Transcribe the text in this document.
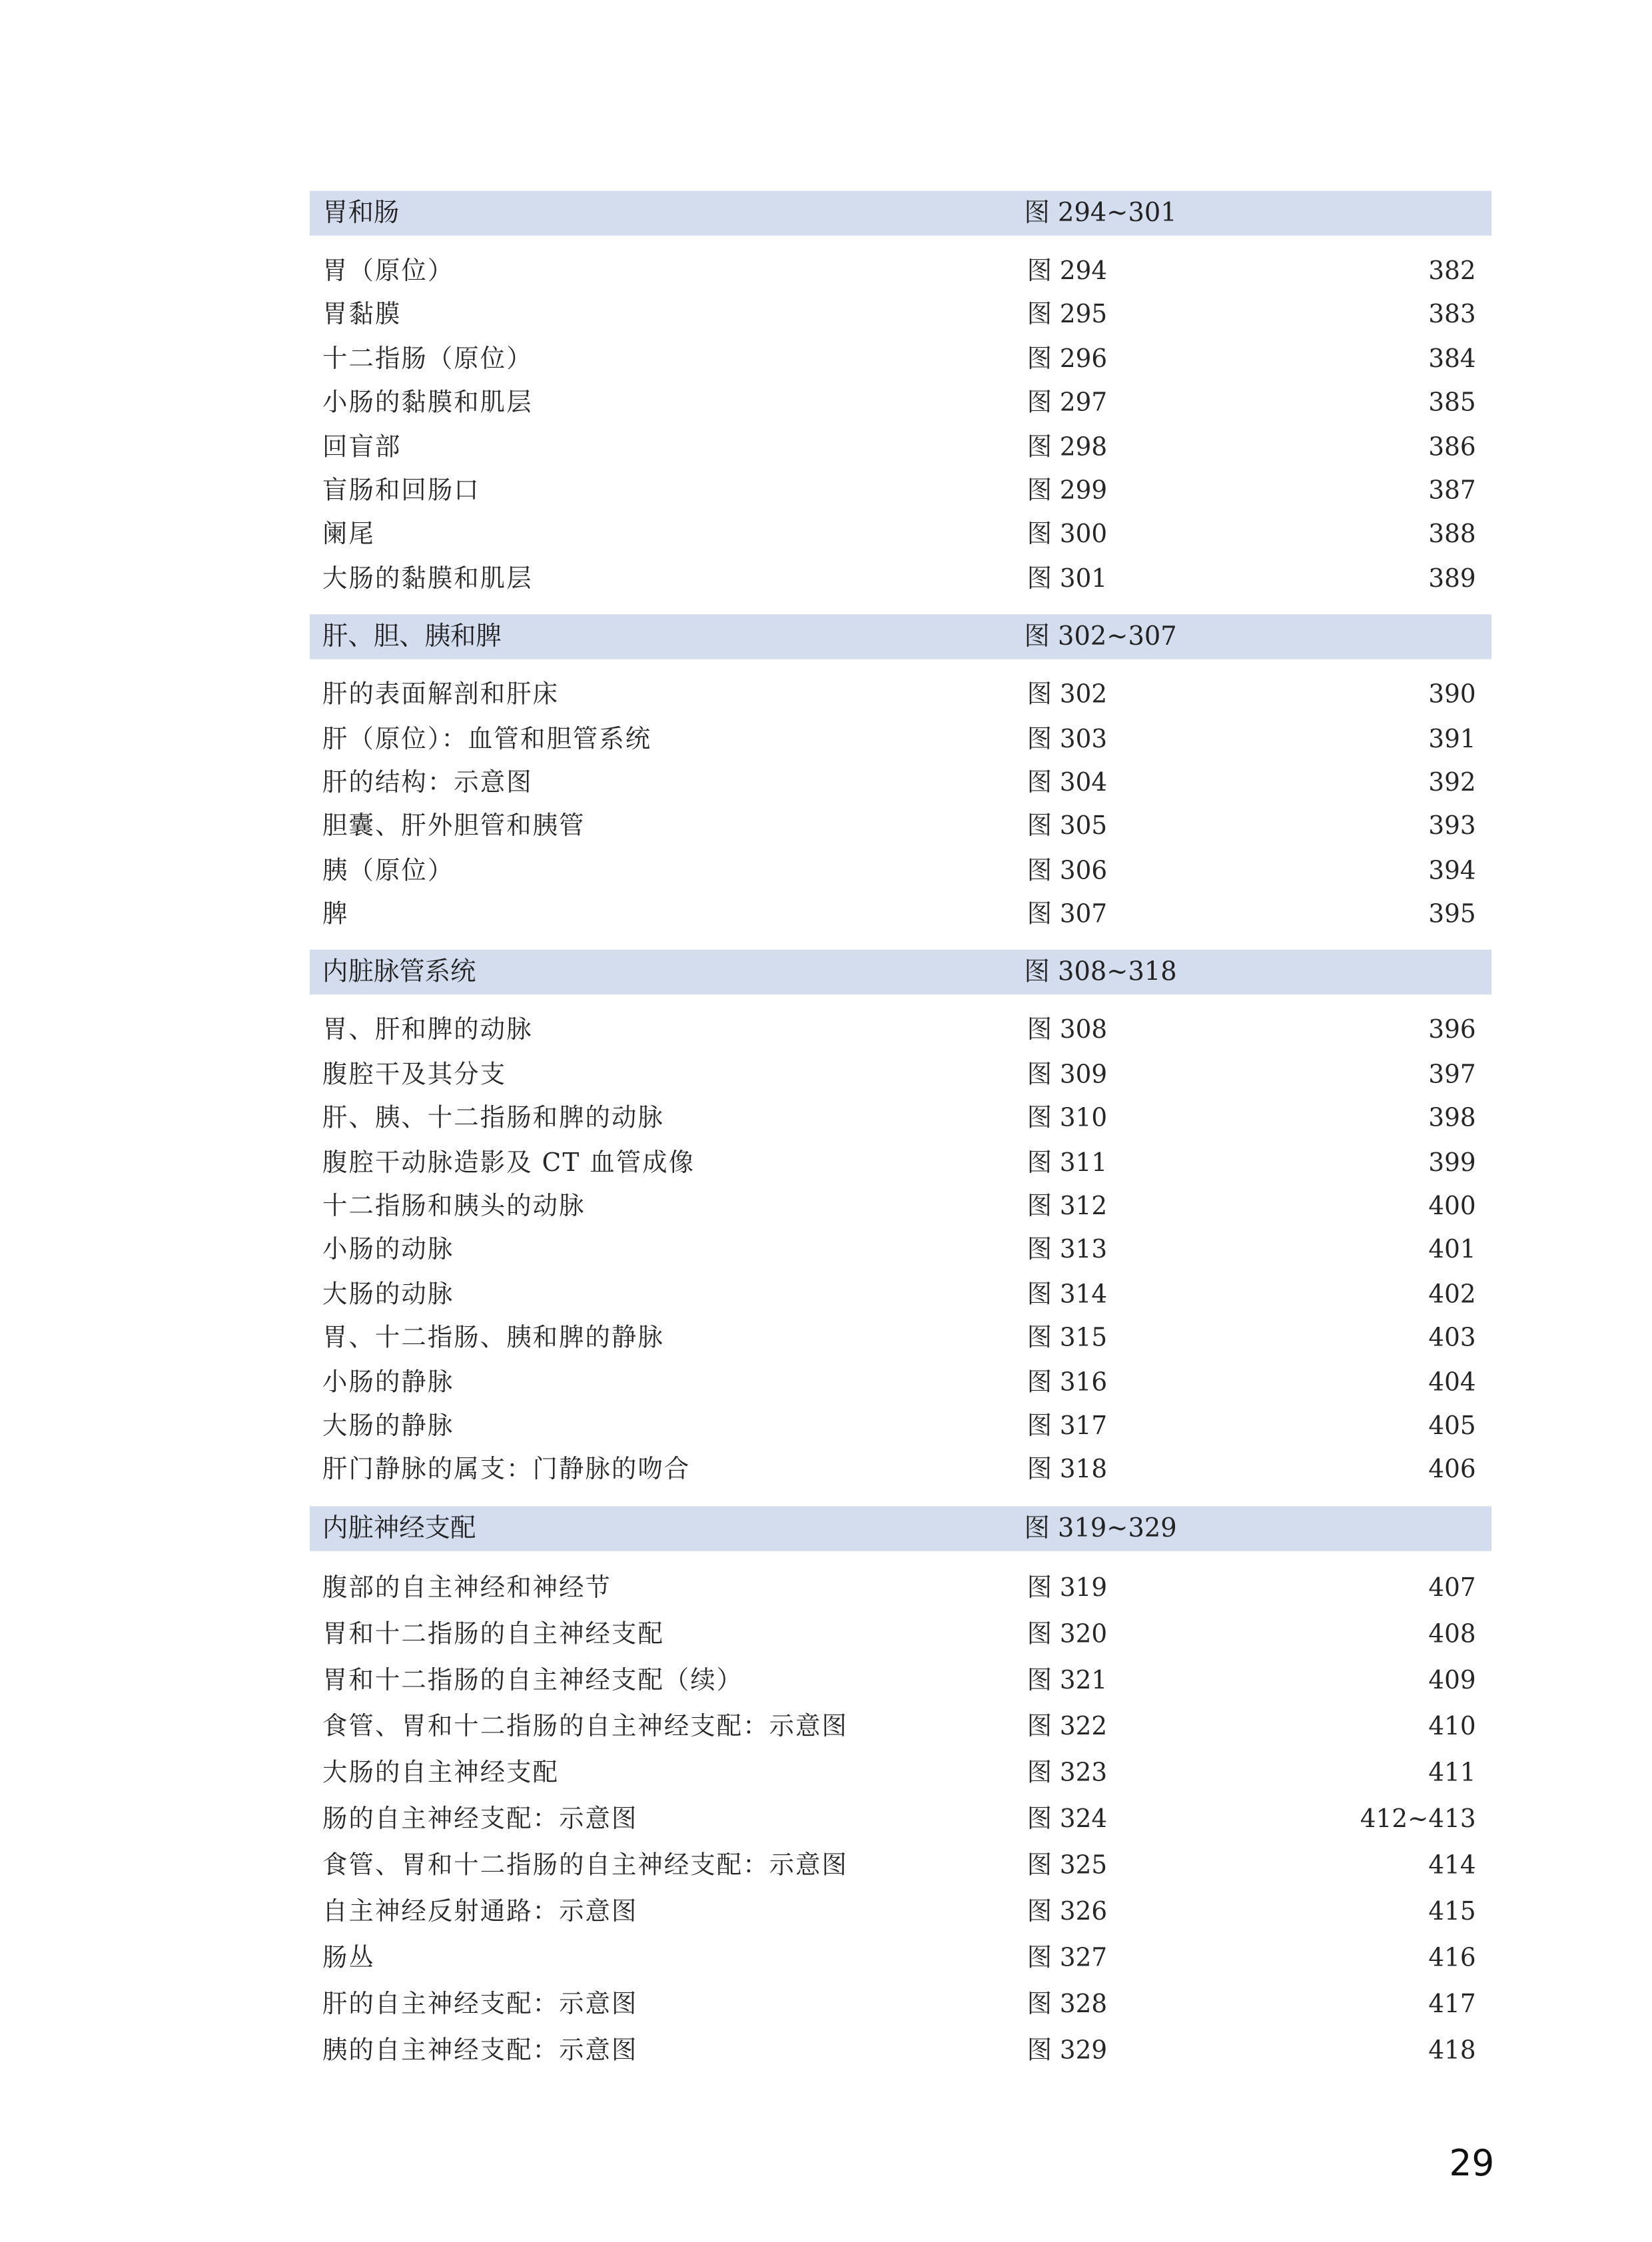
胃和肠	图 294~301
胃（原位）	图 294	382
胃黏膜	图 295	383
十二指肠（原位）	图 296	384
小肠的黏膜和肌层	图 297	385
回盲部	图 298	386
盲肠和回肠口	图 299	387
阑尾	图 300	388
大肠的黏膜和肌层	图 301	389
肝、胆、胰和脾	图 302~307
肝的表面解剖和肝床	图 302	390
肝（原位）：血管和胆管系统	图 303	391
肝的结构：示意图	图 304	392
胆囊、肝外胆管和胰管	图 305	393
胰（原位）	图 306	394
脾	图 307	395
内脏脉管系统	图 308~318
胃、肝和脾的动脉	图 308	396
腹腔干及其分支	图 309	397
肝、胰、十二指肠和脾的动脉	图 310	398
腹腔干动脉造影及 CT 血管成像	图 311	399
十二指肠和胰头的动脉	图 312	400
小肠的动脉	图 313	401
大肠的动脉	图 314	402
胃、十二指肠、胰和脾的静脉	图 315	403
小肠的静脉	图 316	404
大肠的静脉	图 317	405
肝门静脉的属支：门静脉的吻合	图 318	406
内脏神经支配	图 319~329
腹部的自主神经和神经节	图 319	407
胃和十二指肠的自主神经支配	图 320	408
胃和十二指肠的自主神经支配（续）	图 321	409
食管、胃和十二指肠的自主神经支配：示意图	图 322	410
大肠的自主神经支配	图 323	411
肠的自主神经支配：示意图	图 324	412~413
食管、胃和十二指肠的自主神经支配：示意图	图 325	414
自主神经反射通路：示意图	图 326	415
肠丛	图 327	416
肝的自主神经支配：示意图	图 328	417
胰的自主神经支配：示意图	图 329	418
29
